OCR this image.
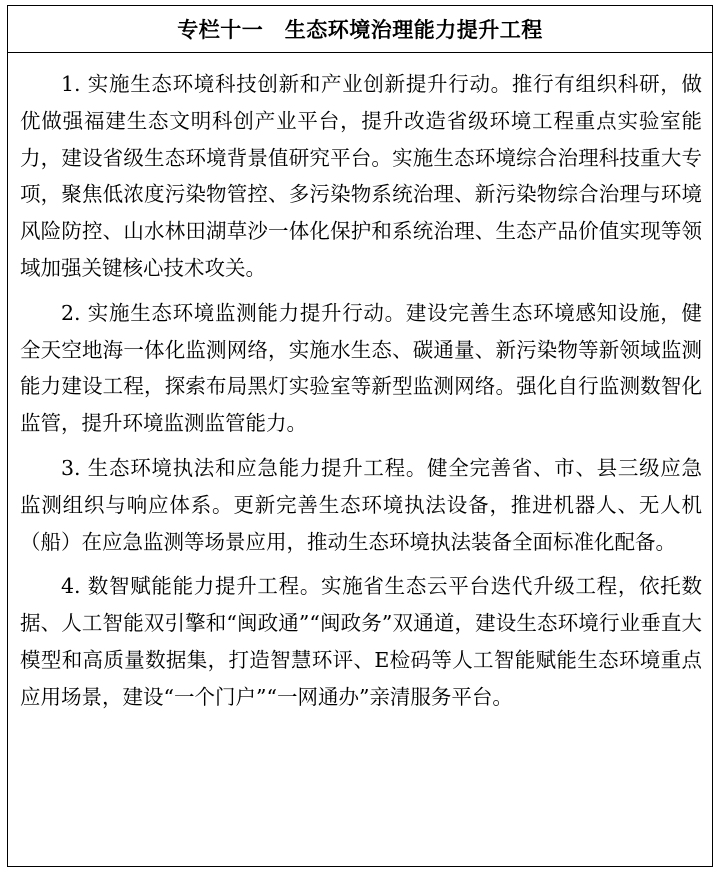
专栏十一　生态环境治理能力提升工程

1. 实施生态环境科技创新和产业创新提升行动。推行有组织科研，做优做强福建生态文明科创产业平台，提升改造省级环境工程重点实验室能力，建设省级生态环境背景值研究平台。实施生态环境综合治理科技重大专项，聚焦低浓度污染物管控、多污染物系统治理、新污染物综合治理与环境风险防控、山水林田湖草沙一体化保护和系统治理、生态产品价值实现等领域加强关键核心技术攻关。

2. 实施生态环境监测能力提升行动。建设完善生态环境感知设施，健全天空地海一体化监测网络，实施水生态、碳通量、新污染物等新领域监测能力建设工程，探索布局黑灯实验室等新型监测网络。强化自行监测数智化监管，提升环境监测监管能力。

3. 生态环境执法和应急能力提升工程。健全完善省、市、县三级应急监测组织与响应体系。更新完善生态环境执法设备，推进机器人、无人机（船）在应急监测等场景应用，推动生态环境执法装备全面标准化配备。

4. 数智赋能能力提升工程。实施省生态云平台迭代升级工程，依托数据、人工智能双引擎和“闽政通”“闽政务”双通道，建设生态环境行业垂直大模型和高质量数据集，打造智慧环评、E检码等人工智能赋能生态环境重点应用场景，建设“一个门户”“一网通办”亲清服务平台。
